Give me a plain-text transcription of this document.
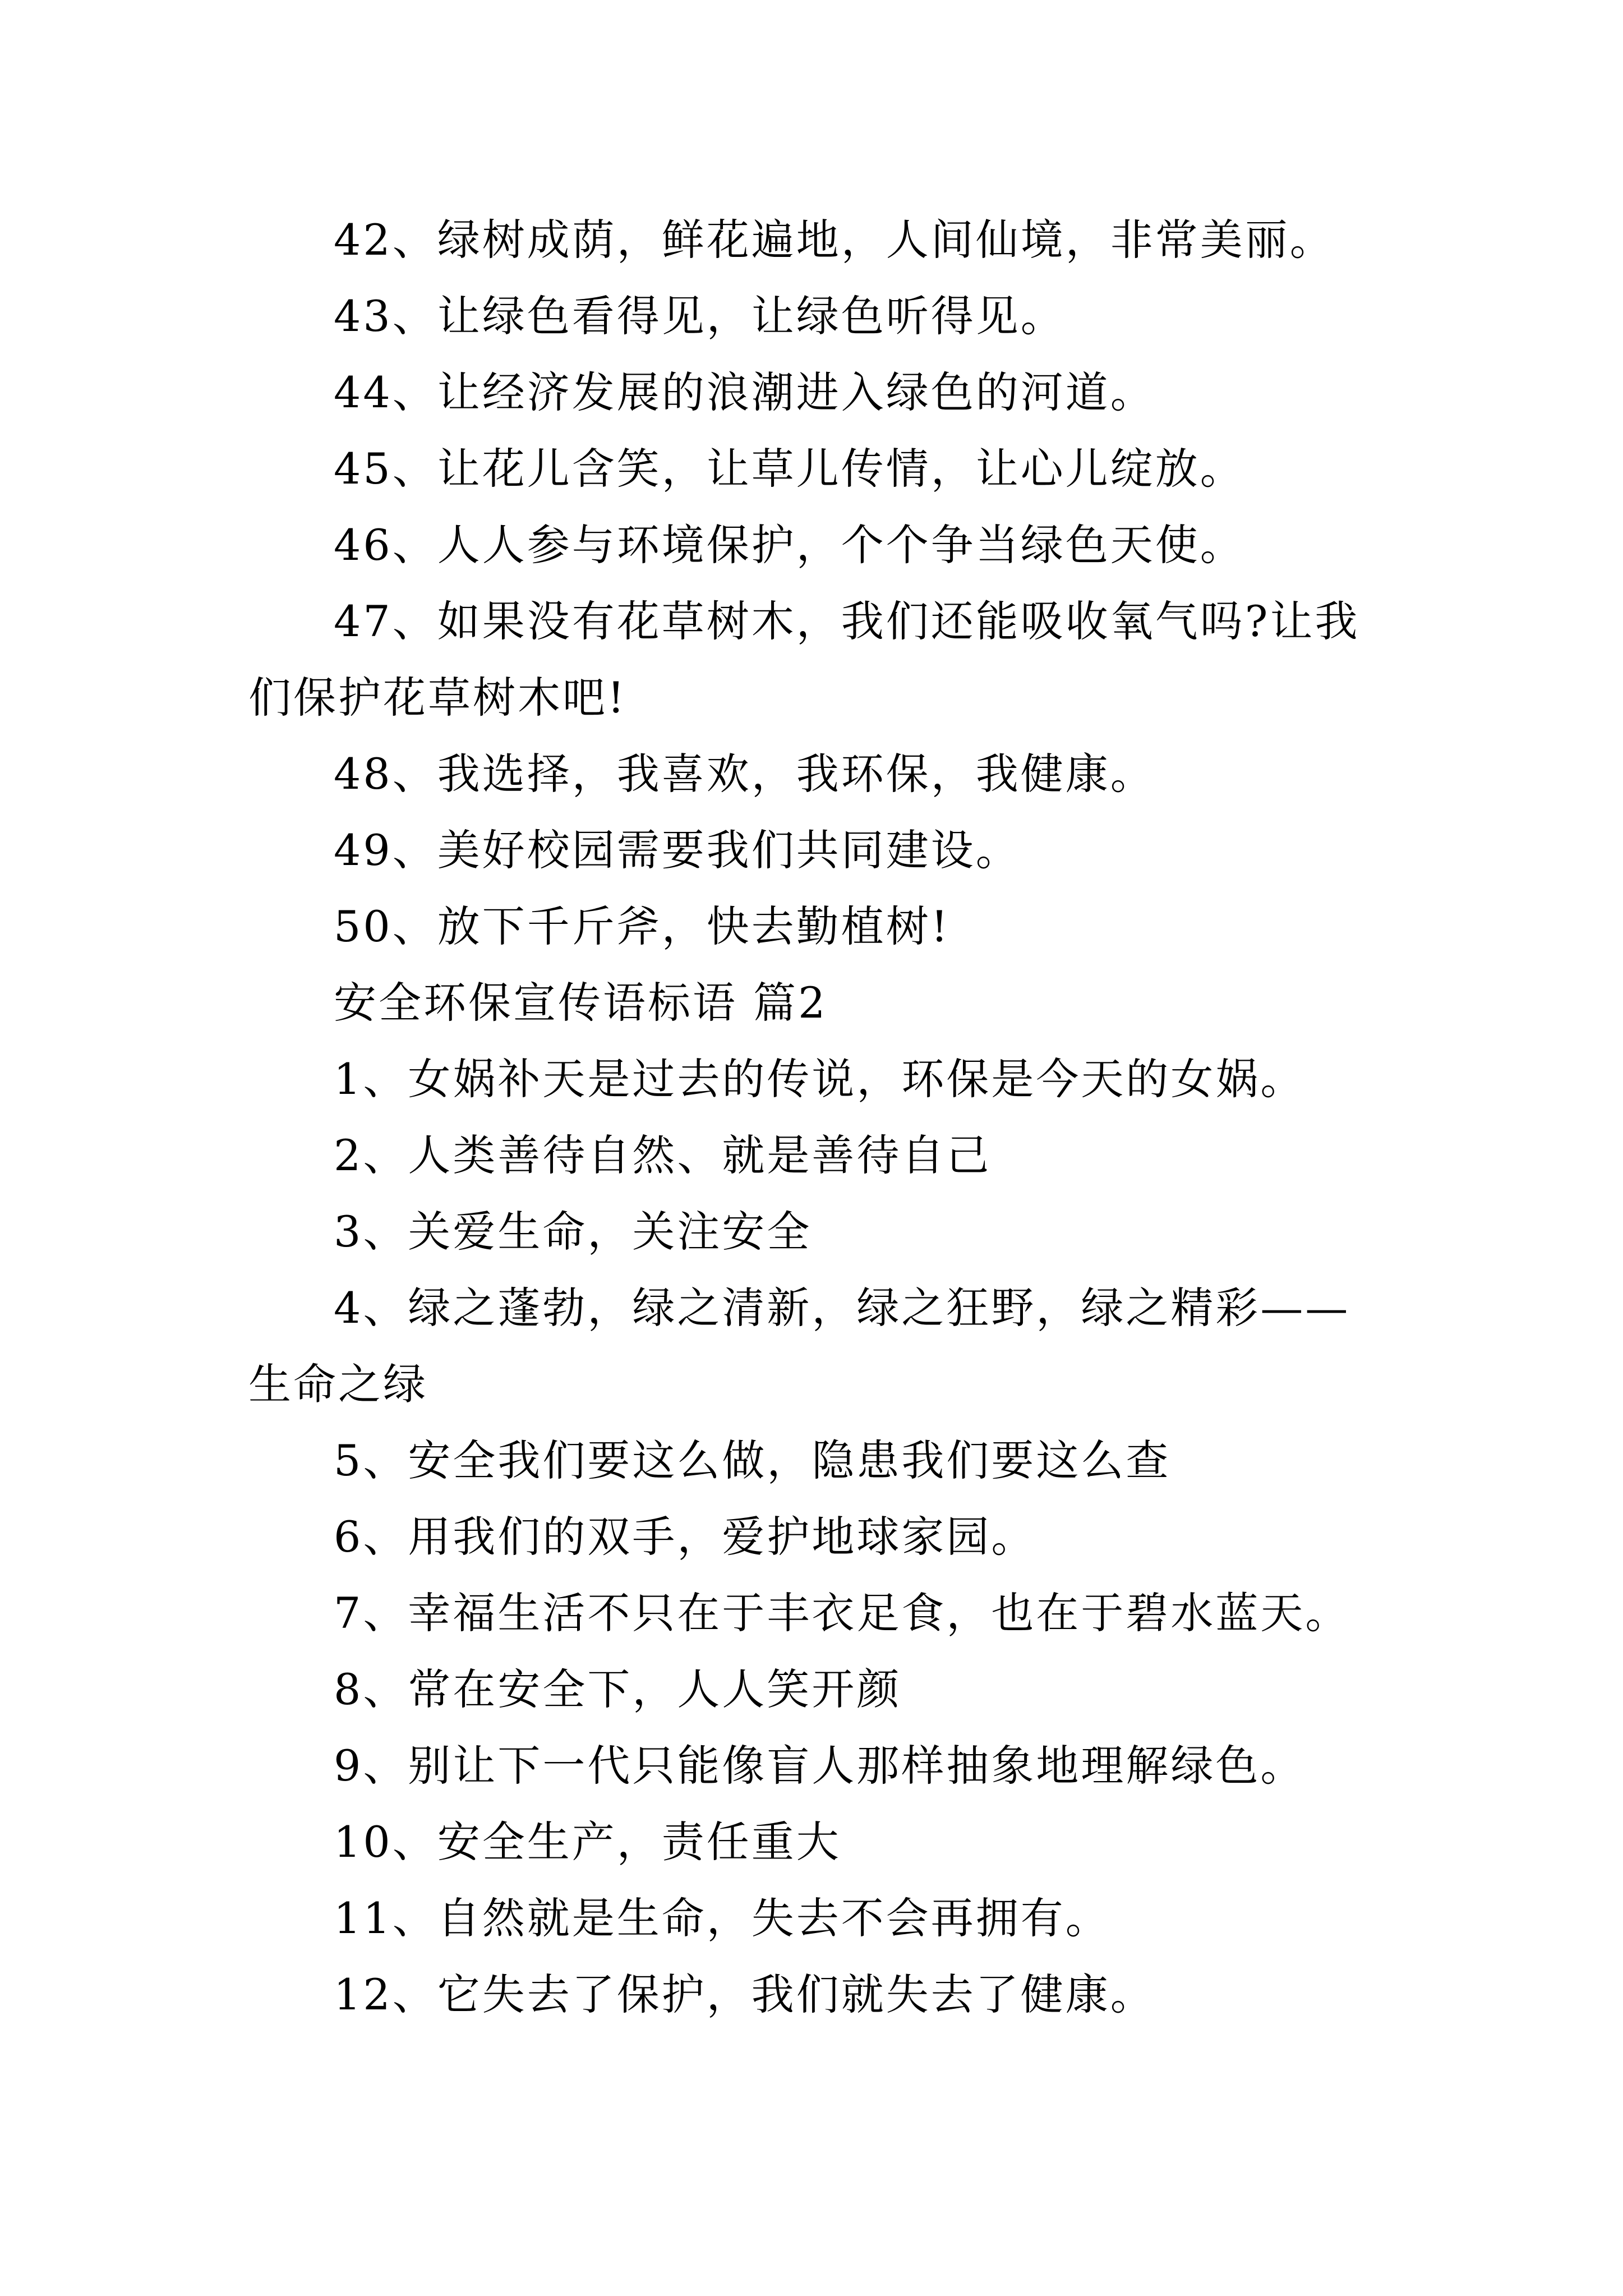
42、绿树成荫，鲜花遍地，人间仙境，非常美丽。

43、让绿色看得见，让绿色听得见。

44、让经济发展的浪潮进入绿色的河道。

45、让花儿含笑，让草儿传情，让心儿绽放。

46、人人参与环境保护，个个争当绿色天使。

47、如果没有花草树木，我们还能吸收氧气吗?让我们保护花草树木吧!

48、我选择，我喜欢，我环保，我健康。

49、美好校园需要我们共同建设。

50、放下千斤斧，快去勤植树!

安全环保宣传语标语 篇2

1、女娲补天是过去的传说，环保是今天的女娲。

2、人类善待自然、就是善待自己

3、关爱生命，关注安全

4、绿之蓬勃，绿之清新，绿之狂野，绿之精彩——生命之绿

5、安全我们要这么做，隐患我们要这么查

6、用我们的双手，爱护地球家园。

7、幸福生活不只在于丰衣足食，也在于碧水蓝天。

8、常在安全下，人人笑开颜

9、别让下一代只能像盲人那样抽象地理解绿色。

10、安全生产，责任重大

11、自然就是生命，失去不会再拥有。

12、它失去了保护，我们就失去了健康。
